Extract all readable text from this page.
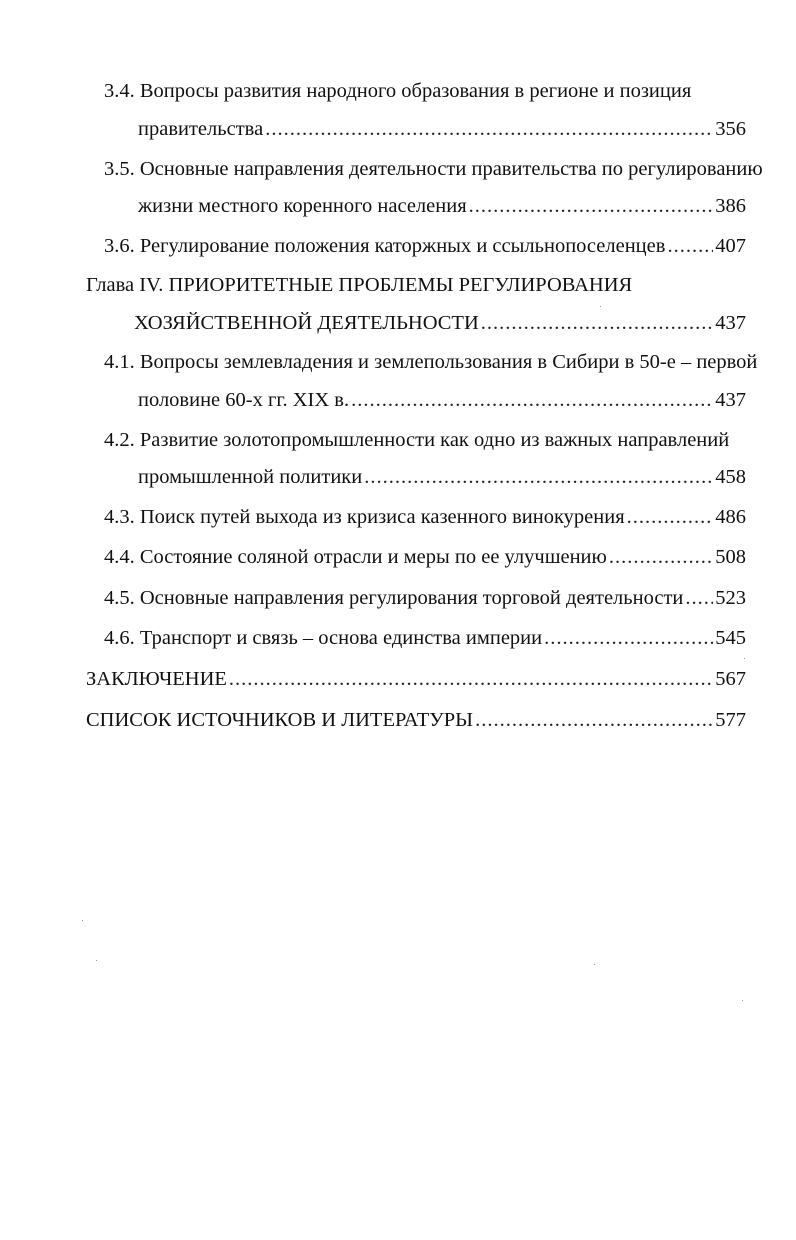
3.4. Вопросы развития народного образования в регионе и позиция
правительства .....	356
3.5. Основные направления деятельности правительства по регулированию
жизни местного коренного населения .....	386
3.6. Регулирование положения каторжных и ссыльнопоселенцев ..... 407
Глава IV. ПРИОРИТЕТНЫЕ ПРОБЛЕМЫ РЕГУЛИРОВАНИЯ
ХОЗЯЙСТВЕННОЙ ДЕЯТЕЛЬНОСТИ .....	437
4.1. Вопросы землевладения и землепользования в Сибири в 50-е – первой
половине 60-х гг. XIX в. .....	437
4.2. Развитие золотопромышленности как одно из важных направлений
промышленной политики .....	458
4.3. Поиск путей выхода из кризиса казенного винокурения .....	486
4.4. Состояние соляной отрасли и меры по ее улучшению .....	508
4.5. Основные направления регулирования торговой деятельности ..... 523
4.6. Транспорт и связь – основа единства империи .....	545
ЗАКЛЮЧЕНИЕ .....	567
СПИСОК ИСТОЧНИКОВ И ЛИТЕРАТУРЫ .....	577
